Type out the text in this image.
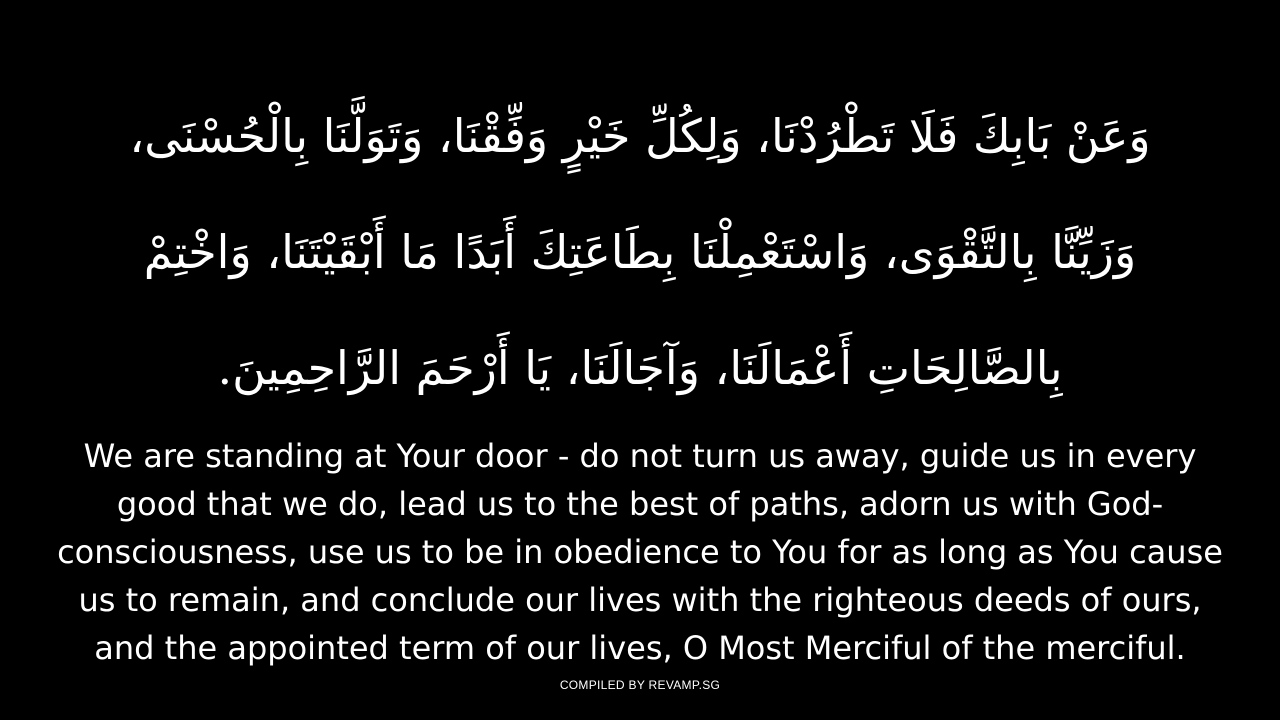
وَعَنْ بَابِكَ فَلَا تَطْرُدْنَا، وَلِكُلِّ خَيْرٍ وَفِّقْنَا، وَتَوَلَّنَا بِالْحُسْنَى،
وَزَيِّنَّا بِالتَّقْوَى، وَاسْتَعْمِلْنَا بِطَاعَتِكَ أَبَدًا مَا أَبْقَيْتَنَا، وَاخْتِمْ
بِالصَّالِحَاتِ أَعْمَالَنَا، وَآجَالَنَا، يَا أَرْحَمَ الرَّاحِمِينَ.
We are standing at Your door - do not turn us away, guide us in every
good that we do, lead us to the best of paths, adorn us with God-
consciousness, use us to be in obedience to You for as long as You cause
us to remain, and conclude our lives with the righteous deeds of ours,
and the appointed term of our lives, O Most Merciful of the merciful.
COMPILED BY REVAMP.SG
